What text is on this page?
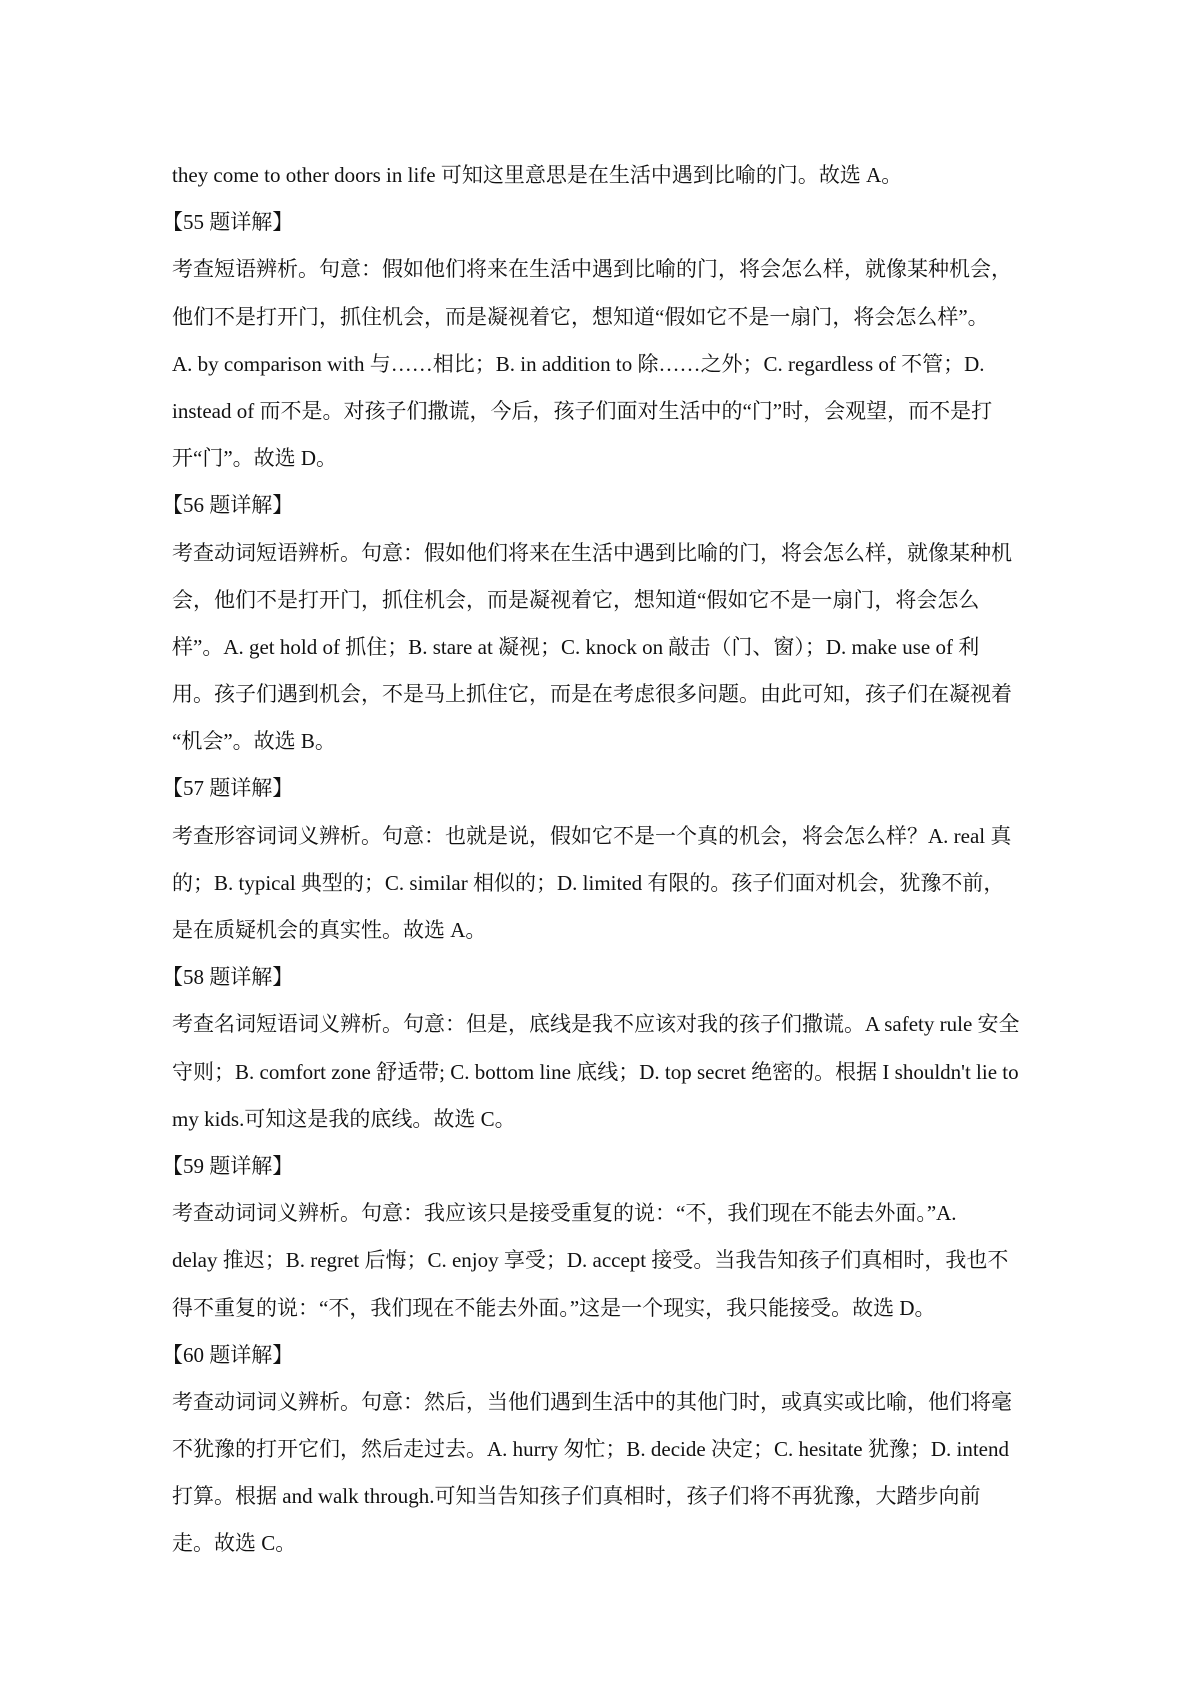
they come to other doors in life 可知这里意思是在生活中遇到比喻的门。故选 A。

【55 题详解】

考查短语辨析。句意：假如他们将来在生活中遇到比喻的门，将会怎么样，就像某种机会，

他们不是打开门，抓住机会，而是凝视着它，想知道“假如它不是一扇门，将会怎么样”。

A. by comparison with 与……相比；B. in addition to 除……之外；C. regardless of 不管；D.

instead of 而不是。对孩子们撒谎，今后，孩子们面对生活中的“门”时，会观望，而不是打

开“门”。故选 D。

【56 题详解】

考查动词短语辨析。句意：假如他们将来在生活中遇到比喻的门，将会怎么样，就像某种机

会，他们不是打开门，抓住机会，而是凝视着它，想知道“假如它不是一扇门，将会怎么

样”。A. get hold of 抓住；B. stare at 凝视；C. knock on 敲击（门、窗）；D. make use of 利

用。孩子们遇到机会，不是马上抓住它，而是在考虑很多问题。由此可知，孩子们在凝视着

“机会”。故选 B。

【57 题详解】

考查形容词词义辨析。句意：也就是说，假如它不是一个真的机会，将会怎么样？A. real 真

的；B. typical 典型的；C. similar 相似的；D. limited 有限的。孩子们面对机会，犹豫不前，

是在质疑机会的真实性。故选 A。

【58 题详解】

考查名词短语词义辨析。句意：但是，底线是我不应该对我的孩子们撒谎。A safety rule 安全

守则；B. comfort zone 舒适带; C. bottom line 底线；D. top secret 绝密的。根据 I shouldn't lie to

my kids.可知这是我的底线。故选 C。

【59 题详解】

考查动词词义辨析。句意：我应该只是接受重复的说：“不，我们现在不能去外面。”A.

delay 推迟；B. regret 后悔；C. enjoy 享受；D. accept 接受。当我告知孩子们真相时，我也不

得不重复的说：“不，我们现在不能去外面。”这是一个现实，我只能接受。故选 D。

【60 题详解】

考查动词词义辨析。句意：然后，当他们遇到生活中的其他门时，或真实或比喻，他们将毫

不犹豫的打开它们，然后走过去。A. hurry 匆忙；B. decide 决定；C. hesitate 犹豫；D. intend

打算。根据 and walk through.可知当告知孩子们真相时，孩子们将不再犹豫，大踏步向前

走。故选 C。
